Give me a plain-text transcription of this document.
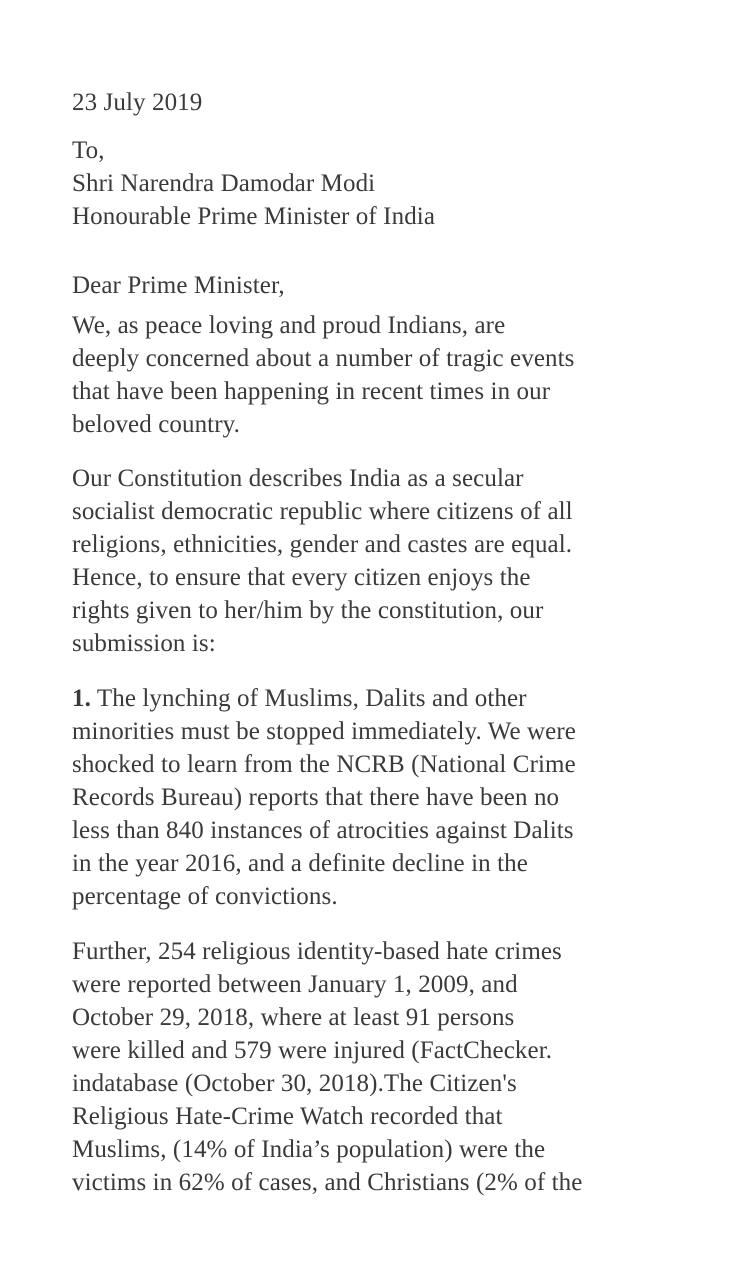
23 July 2019
To,
Shri Narendra Damodar Modi
Honourable Prime Minister of India
Dear Prime Minister,
We, as peace loving and proud Indians, are
deeply concerned about a number of tragic events
that have been happening in recent times in our
beloved country.
Our Constitution describes India as a secular
socialist democratic republic where citizens of all
religions, ethnicities, gender and castes are equal.
Hence, to ensure that every citizen enjoys the
rights given to her/him by the constitution, our
submission is:
1. The lynching of Muslims, Dalits and other
minorities must be stopped immediately. We were
shocked to learn from the NCRB (National Crime
Records Bureau) reports that there have been no
less than 840 instances of atrocities against Dalits
in the year 2016, and a definite decline in the
percentage of convictions.
Further, 254 religious identity-based hate crimes
were reported between January 1, 2009, and
October 29, 2018, where at least 91 persons
were killed and 579 were injured (FactChecker.
indatabase (October 30, 2018).The Citizen's
Religious Hate-Crime Watch recorded that
Muslims, (14% of India’s population) were the
victims in 62% of cases, and Christians (2% of the
